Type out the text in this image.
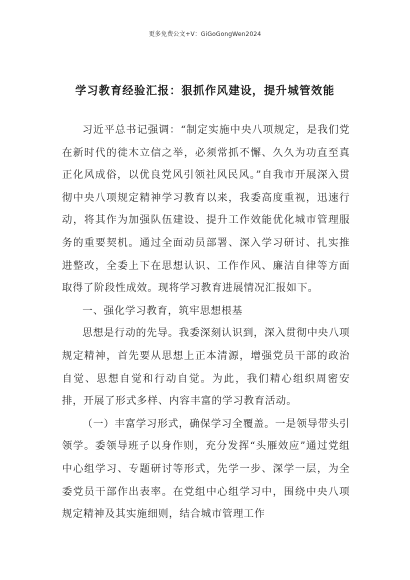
更多免费公文+V：GiGoGongWen2024
学习教育经验汇报：狠抓作风建设，提升城管效能

习近平总书记强调：“制定实施中央八项规定，是我们党在新时代的徙木立信之举，必须常抓不懈、久久为功直至真正化风成俗，以优良党风引领社风民风。”自我市开展深入贯彻中央八项规定精神学习教育以来，我委高度重视，迅速行动，将其作为加强队伍建设、提升工作效能优化城市管理服务的重要契机。通过全面动员部署、深入学习研讨、扎实推进整改，全委上下在思想认识、工作作风、廉洁自律等方面取得了阶段性成效。现将学习教育进展情况汇报如下。

一、强化学习教育，筑牢思想根基

思想是行动的先导。我委深刻认识到，深入贯彻中央八项规定精神，首先要从思想上正本清源，增强党员干部的政治自觉、思想自觉和行动自觉。为此，我们精心组织周密安排，开展了形式多样、内容丰富的学习教育活动。

（一）丰富学习形式，确保学习全覆盖。一是领导带头引领学。委领导班子以身作则，充分发挥“头雁效应”通过党组中心组学习、专题研讨等形式，先学一步、深学一层，为全委党员干部作出表率。在党组中心组学习中，围绕中央八项规定精神及其实施细则，结合城市管理工作
